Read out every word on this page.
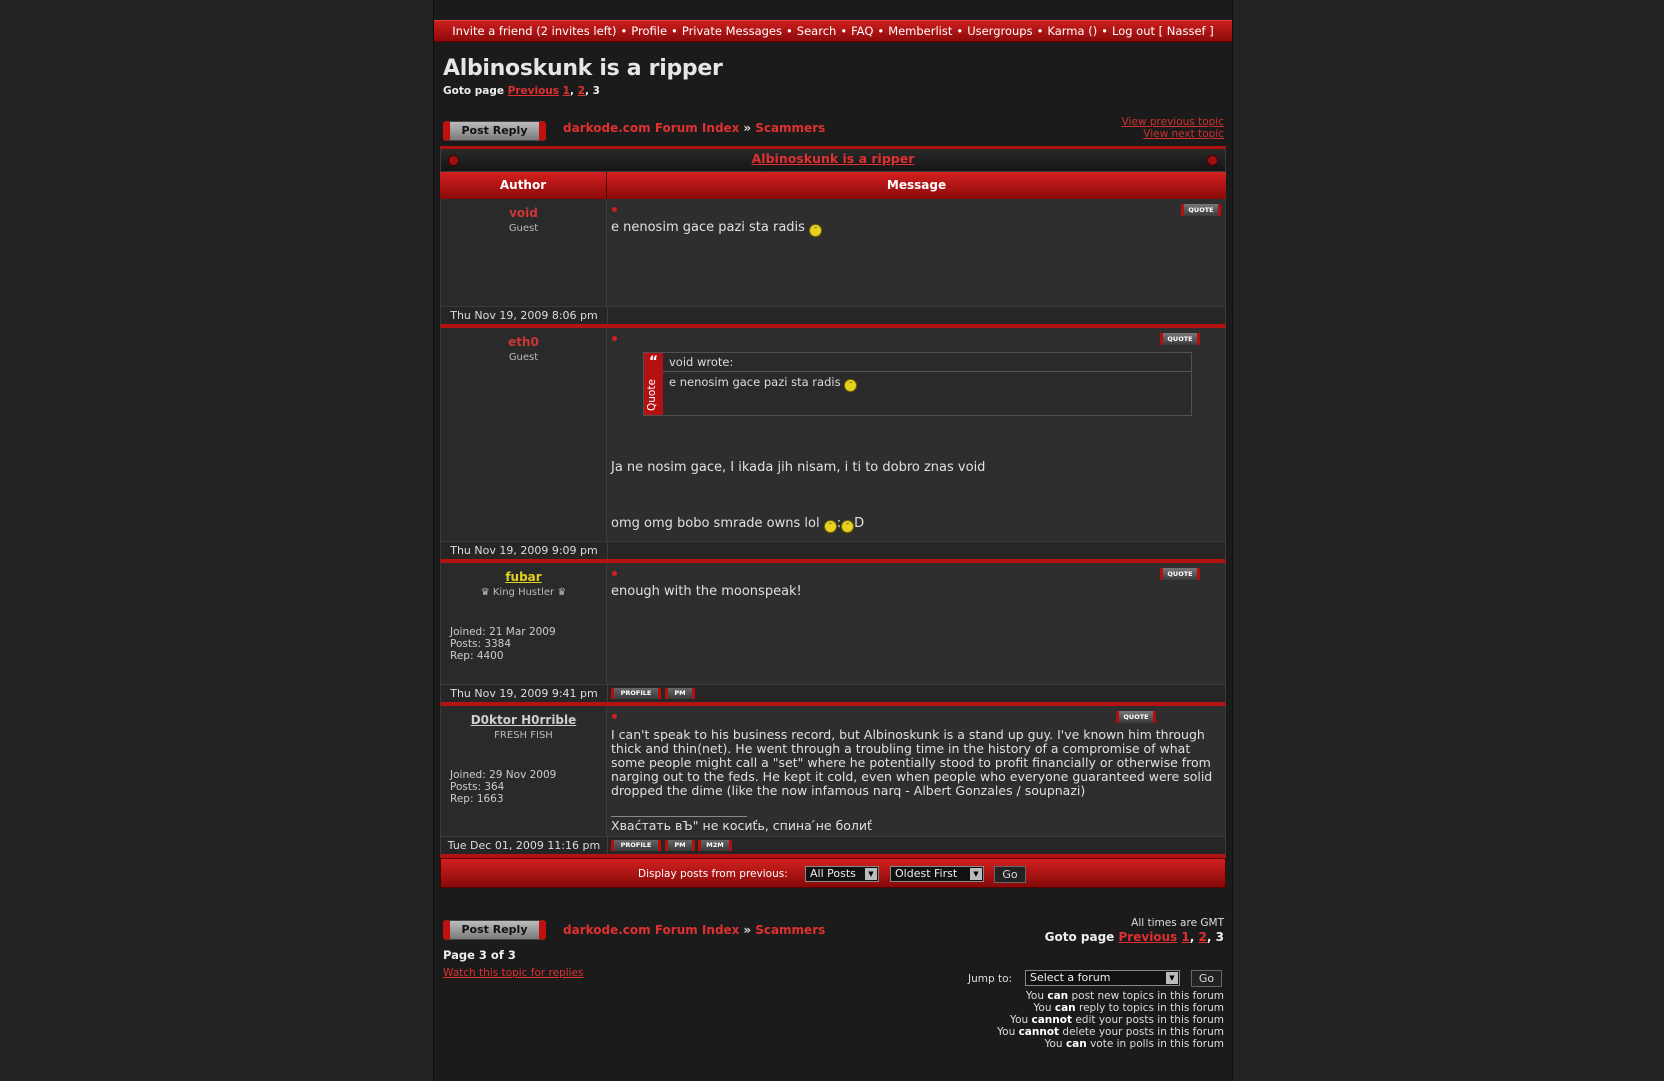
Invite a friend (2 invites left) • Profile • Private Messages • Search • FAQ • Memberlist • Usergroups • Karma () • Log out [ Nassef ]
Albinoskunk is a ripper
Goto page Previous 1, 2, 3
Post Reply	darkode.com Forum Index » Scammers	View previous topic
View next topic
Albinoskunk is a ripper
Author	Message
void
Guest
QUOTE
e nenosim gace pazi sta radis ˘
Thu Nov 19, 2009 8:06 pm
eth0
Guest
QUOTE
“
Quote
void wrote:
e nenosim gace pazi sta radis ˘
Ja ne nosim gace, I ikada jih nisam, i ti to dobro znas void
omg omg bobo smrade owns lol ˘ : ˘ D
Thu Nov 19, 2009 9:09 pm
fubar
♛ King Hustler ♛
Joined: 21 Mar 2009
Posts: 3384
Rep: 4400
QUOTE
enough with the moonspeak!
Thu Nov 19, 2009 9:41 pm	PROFILE	PM
D0ktor H0rrible
FRESH FISH
Joined: 29 Nov 2009
Posts: 364
Rep: 1663
QUOTE
I can't speak to his business record, but Albinoskunk is a stand up guy. I've known him through
thick and thin(net). He went through a troubling time in the history of a compromise of what
some people might call a "set" where he potentially stood to profit financially or otherwise from
narging out to the feds. He kept it cold, even when people who everyone guaranteed were solid
dropped the dime (like the now infamous narq - Albert Gonzales / soupnazi)
Хваćтать вЪ" не косиťь, спина ́не болиť
Tue Dec 01, 2009 11:16 pm	PROFILE	PM	M2M
Display posts from previous:	All Posts	▼	Oldest First	▼	Go
Post Reply	darkode.com Forum Index » Scammers	All times are GMT
Goto page Previous 1, 2, 3
Page 3 of 3
Watch this topic for replies	Jump to:	Select a forum	▼	Go
You can post new topics in this forum
You can reply to topics in this forum
You cannot edit your posts in this forum
You cannot delete your posts in this forum
You can vote in polls in this forum
